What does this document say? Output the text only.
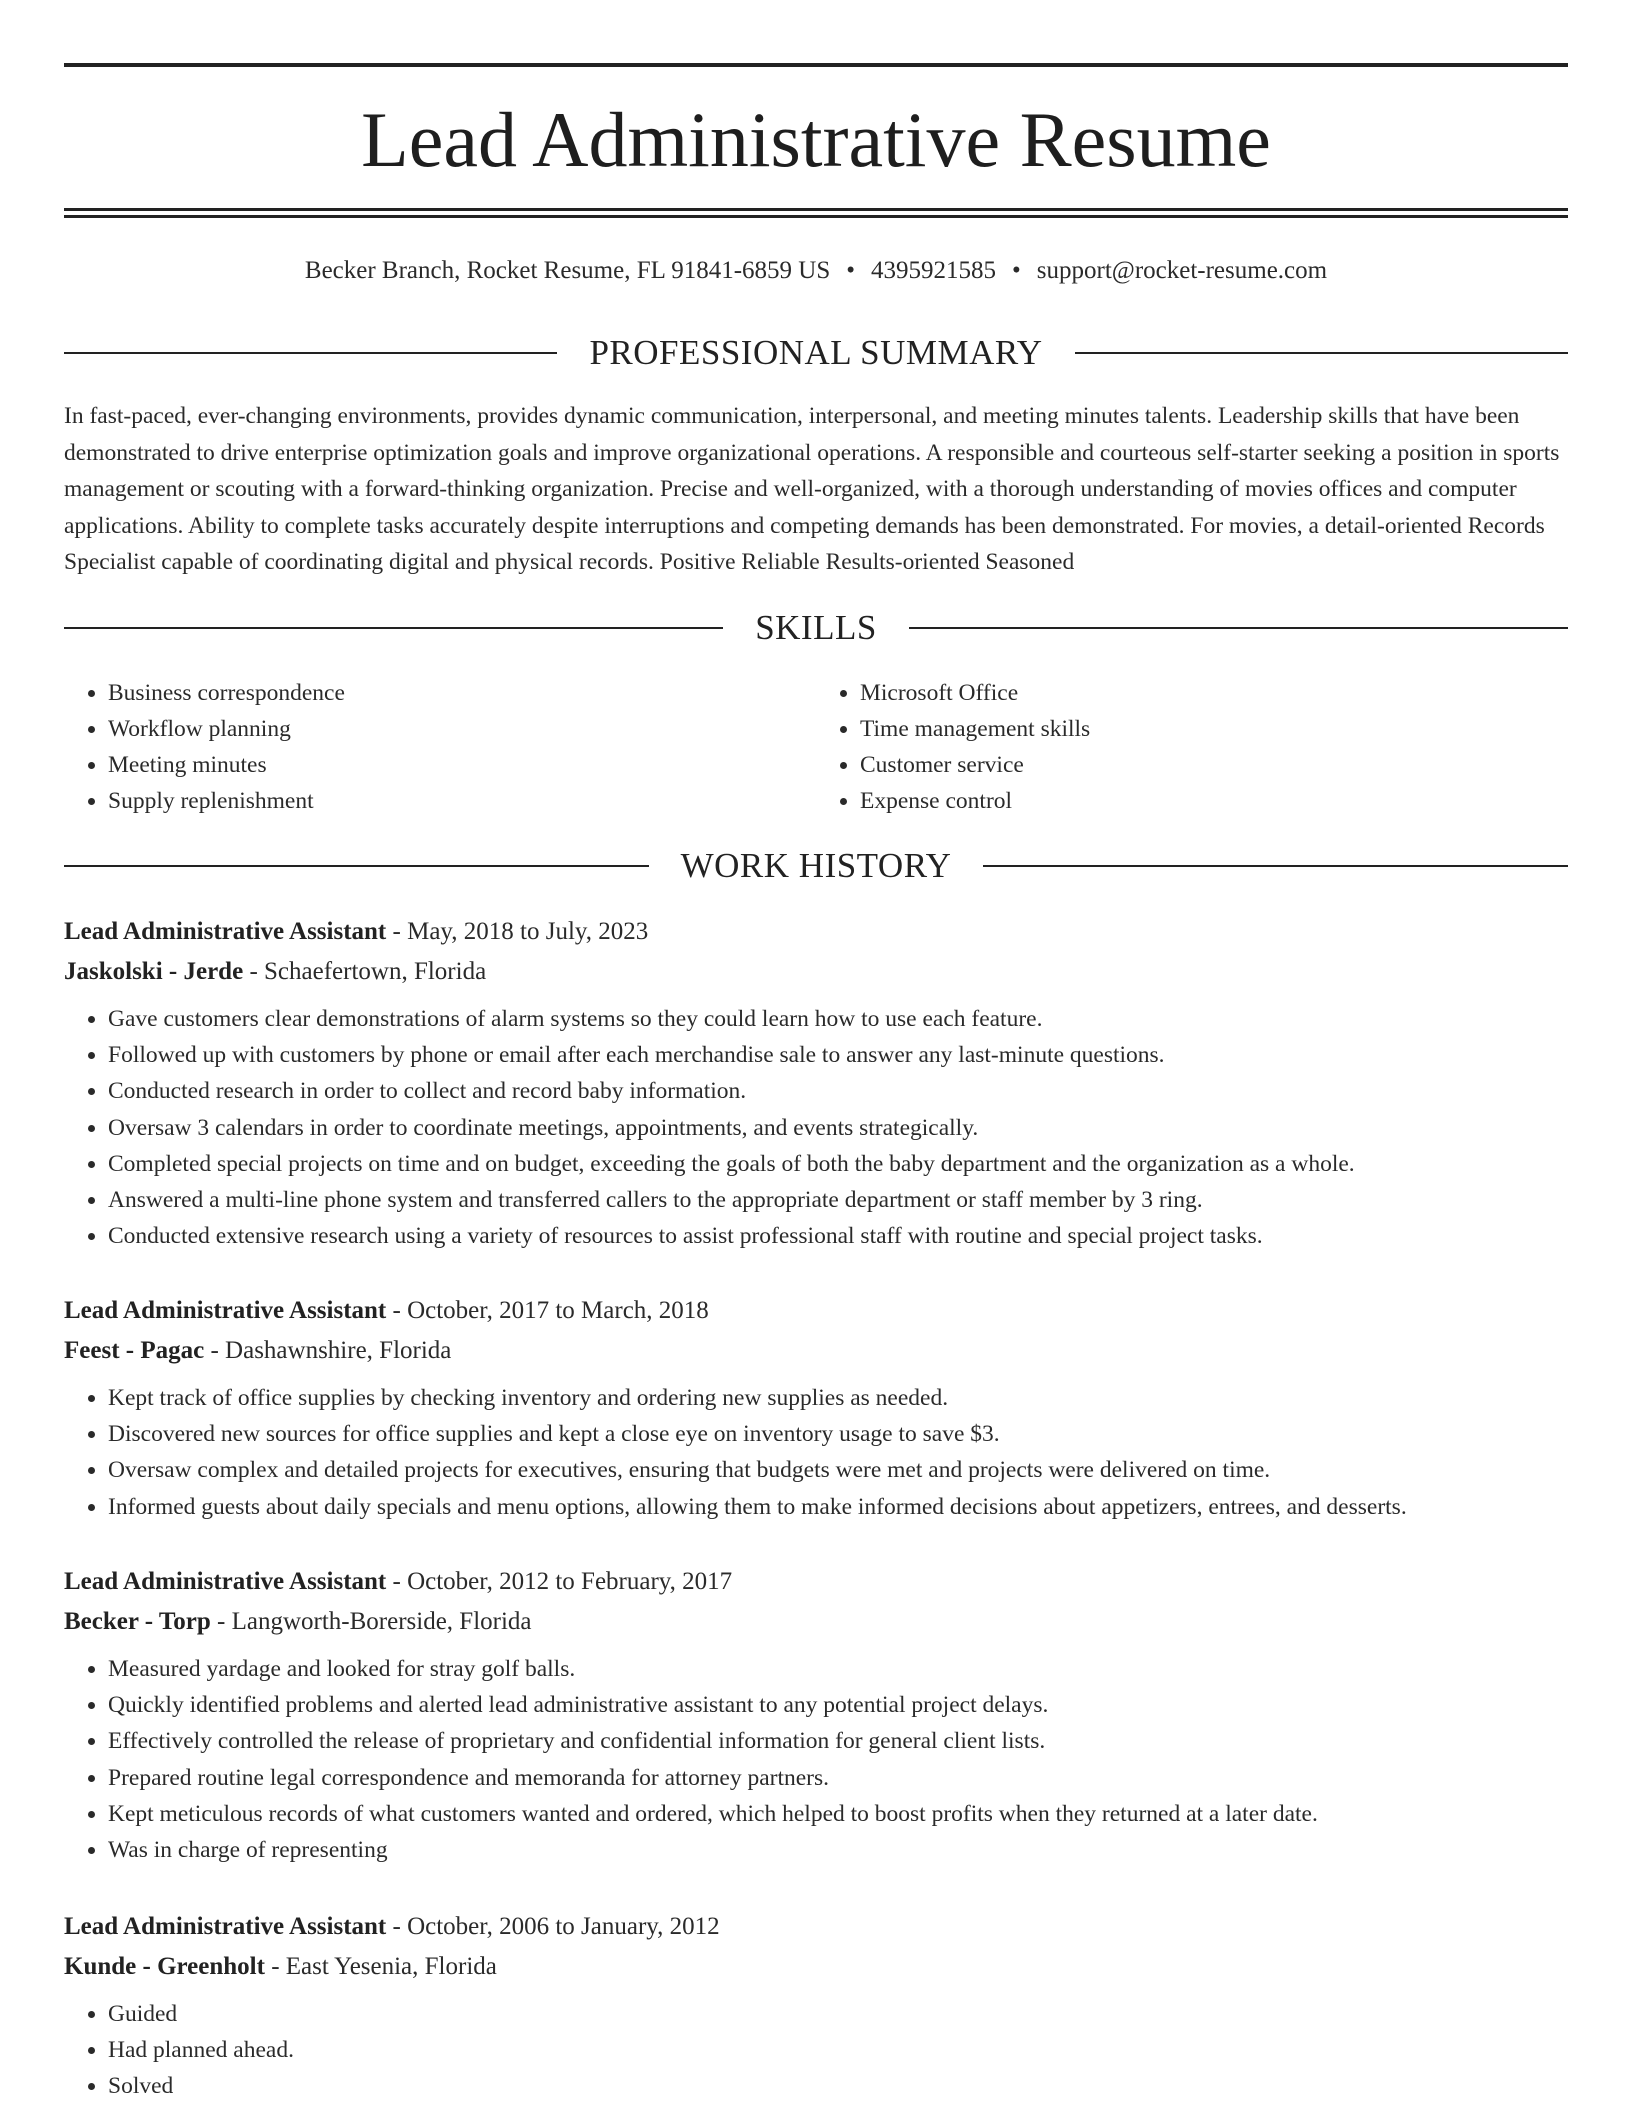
Lead Administrative Resume
Becker Branch, Rocket Resume, FL 91841-6859 US • 4395921585 • support@rocket-resume.com
PROFESSIONAL SUMMARY

In fast-paced, ever-changing environments, provides dynamic communication, interpersonal, and meeting minutes talents. Leadership skills that have been demonstrated to drive enterprise optimization goals and improve organizational operations. A responsible and courteous self-starter seeking a position in sports management or scouting with a forward-thinking organization. Precise and well-organized, with a thorough understanding of movies offices and computer applications. Ability to complete tasks accurately despite interruptions and competing demands has been demonstrated. For movies, a detail-oriented Records Specialist capable of coordinating digital and physical records. Positive Reliable Results-oriented Seasoned

SKILLS
• Business correspondence
• Workflow planning
• Meeting minutes
• Supply replenishment
• Microsoft Office
• Time management skills
• Customer service
• Expense control
WORK HISTORY
Lead Administrative Assistant - May, 2018 to July, 2023
Jaskolski - Jerde - Schaefertown, Florida
• Gave customers clear demonstrations of alarm systems so they could learn how to use each feature.
• Followed up with customers by phone or email after each merchandise sale to answer any last-minute questions.
• Conducted research in order to collect and record baby information.
• Oversaw 3 calendars in order to coordinate meetings, appointments, and events strategically.
• Completed special projects on time and on budget, exceeding the goals of both the baby department and the organization as a whole.
• Answered a multi-line phone system and transferred callers to the appropriate department or staff member by 3 ring.
• Conducted extensive research using a variety of resources to assist professional staff with routine and special project tasks.
Lead Administrative Assistant - October, 2017 to March, 2018
Feest - Pagac - Dashawnshire, Florida
• Kept track of office supplies by checking inventory and ordering new supplies as needed.
• Discovered new sources for office supplies and kept a close eye on inventory usage to save $3.
• Oversaw complex and detailed projects for executives, ensuring that budgets were met and projects were delivered on time.
• Informed guests about daily specials and menu options, allowing them to make informed decisions about appetizers, entrees, and desserts.
Lead Administrative Assistant - October, 2012 to February, 2017
Becker - Torp - Langworth-Borerside, Florida
• Measured yardage and looked for stray golf balls.
• Quickly identified problems and alerted lead administrative assistant to any potential project delays.
• Effectively controlled the release of proprietary and confidential information for general client lists.
• Prepared routine legal correspondence and memoranda for attorney partners.
• Kept meticulous records of what customers wanted and ordered, which helped to boost profits when they returned at a later date.
• Was in charge of representing
Lead Administrative Assistant - October, 2006 to January, 2012
Kunde - Greenholt - East Yesenia, Florida
• Guided
• Had planned ahead.
• Solved
